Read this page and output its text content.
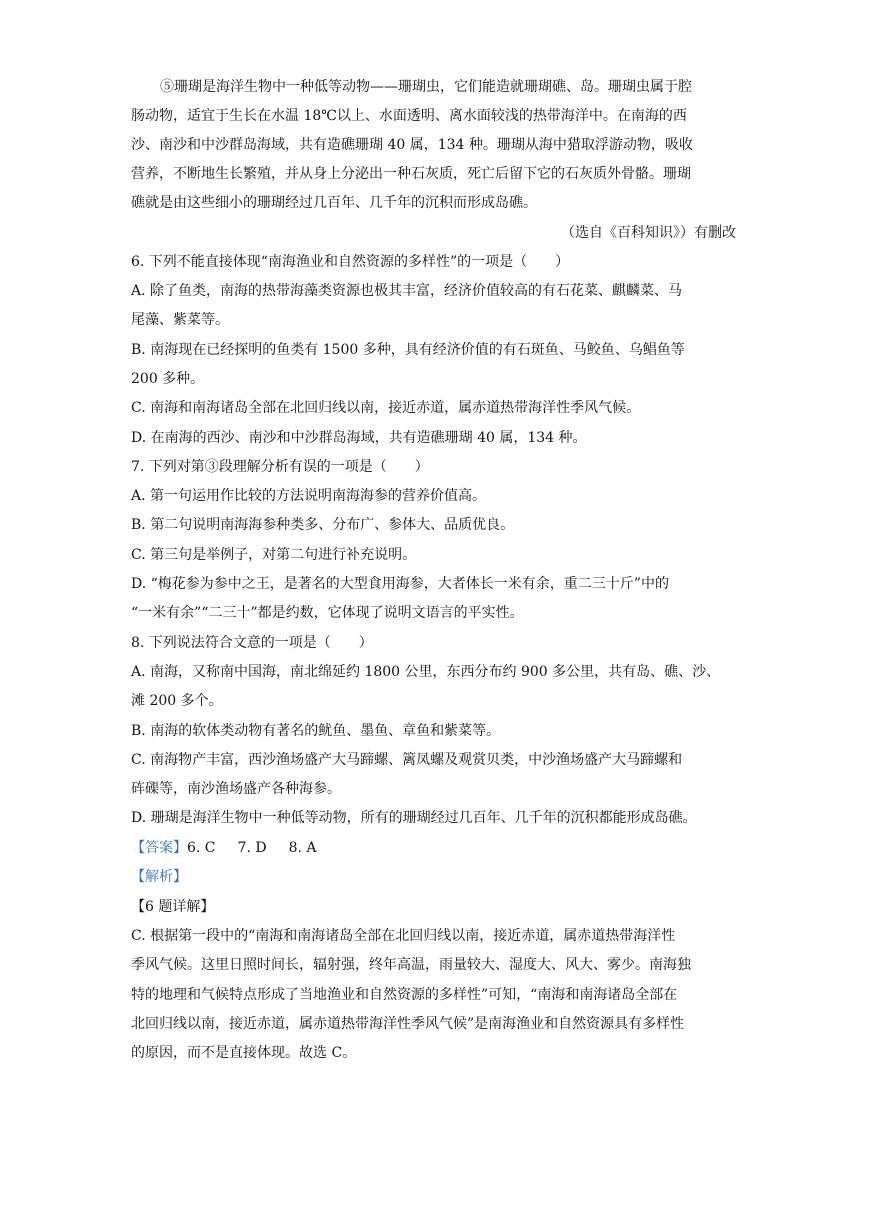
⑤珊瑚是海洋生物中一种低等动物——珊瑚虫，它们能造就珊瑚礁、岛。珊瑚虫属于腔
肠动物，适宜于生长在水温 18℃以上、水面透明、离水面较浅的热带海洋中。在南海的西
沙、南沙和中沙群岛海域，共有造礁珊瑚 40 属，134 种。珊瑚从海中猎取浮游动物，吸收
营养，不断地生长繁殖，并从身上分泌出一种石灰质，死亡后留下它的石灰质外骨骼。珊瑚
礁就是由这些细小的珊瑚经过几百年、几千年的沉积而形成岛礁。
（选自《百科知识》）有删改
6. 下列不能直接体现“南海渔业和自然资源的多样性”的一项是（　　）
A. 除了鱼类，南海的热带海藻类资源也极其丰富，经济价值较高的有石花菜、麒麟菜、马
尾藻、紫菜等。
B. 南海现在已经探明的鱼类有 1500 多种，具有经济价值的有石斑鱼、马鲛鱼、乌鲳鱼等
200 多种。
C. 南海和南海诸岛全部在北回归线以南，接近赤道，属赤道热带海洋性季风气候。
D. 在南海的西沙、南沙和中沙群岛海域，共有造礁珊瑚 40 属，134 种。
7. 下列对第③段理解分析有误的一项是（　　）
A. 第一句运用作比较的方法说明南海海参的营养价值高。
B. 第二句说明南海海参种类多、分布广、参体大、品质优良。
C. 第三句是举例子，对第二句进行补充说明。
D. “梅花参为参中之王，是著名的大型食用海参，大者体长一米有余，重二三十斤”中的
“一米有余”“二三十”都是约数，它体现了说明文语言的平实性。
8. 下列说法符合文意的一项是（　　）
A. 南海，又称南中国海，南北绵延约 1800 公里，东西分布约 900 多公里，共有岛、礁、沙、
滩 200 多个。
B. 南海的软体类动物有著名的鱿鱼、墨鱼、章鱼和紫菜等。
C. 南海物产丰富，西沙渔场盛产大马蹄螺、篱凤螺及观赏贝类，中沙渔场盛产大马蹄螺和
砗磲等，南沙渔场盛产各种海参。
D. 珊瑚是海洋生物中一种低等动物，所有的珊瑚经过几百年、几千年的沉积都能形成岛礁。
【答案】6. C 7. D 8. A
【解析】
【6 题详解】
C. 根据第一段中的“南海和南海诸岛全部在北回归线以南，接近赤道，属赤道热带海洋性
季风气候。这里日照时间长，辐射强，终年高温，雨量较大、湿度大、风大、雾少。南海独
特的地理和气候特点形成了当地渔业和自然资源的多样性”可知，“南海和南海诸岛全部在
北回归线以南，接近赤道，属赤道热带海洋性季风气候”是南海渔业和自然资源具有多样性
的原因，而不是直接体现。故选 C。
